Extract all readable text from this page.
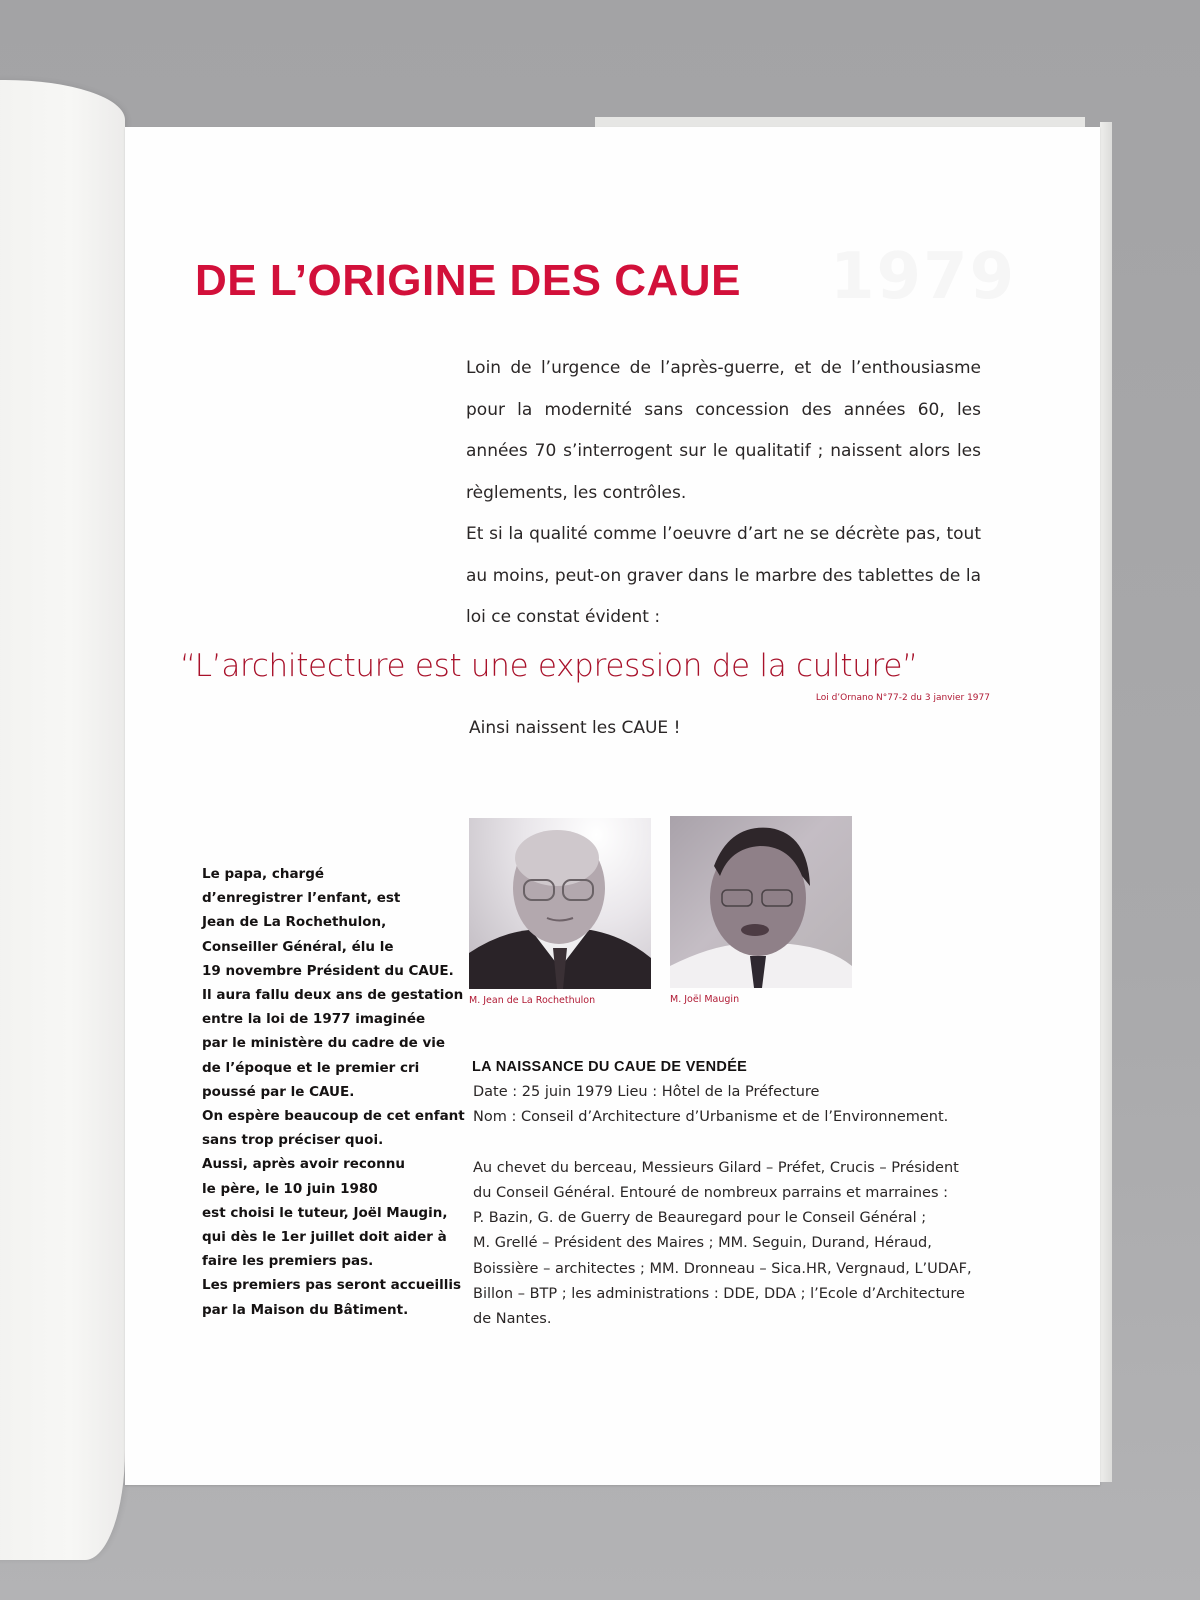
1979
DE L’ORIGINE DES CAUE

Loin de l’urgence de l’après-guerre, et de l’enthousiasme pour la modernité sans concession des années 60, les années 70 s’interrogent sur le qualitatif ; naissent alors les règlements, les contrôles.

Et si la qualité comme l’oeuvre d’art ne se décrète pas, tout au moins, peut-on graver dans le marbre des tablettes de la loi ce constat évident :

“L’architecture est une expression de la culture”
Loi d’Ornano N°77-2 du 3 janvier 1977
Ainsi naissent les CAUE !
Le papa, chargé
d’enregistrer l’enfant, est
Jean de La Rochethulon,
Conseiller Général, élu le
19 novembre Président du CAUE.
Il aura fallu deux ans de gestation
entre la loi de 1977 imaginée
par le ministère du cadre de vie
de l’époque et le premier cri
poussé par le CAUE.
On espère beaucoup de cet enfant
sans trop préciser quoi.
Aussi, après avoir reconnu
le père, le 10 juin 1980
est choisi le tuteur, Joël Maugin,
qui dès le 1er juillet doit aider à
faire les premiers pas.
Les premiers pas seront accueillis
par la Maison du Bâtiment.
M. Jean de La Rochethulon	M. Joël Maugin
LA NAISSANCE DU CAUE DE VENDÉE
Date : 25 juin 1979 Lieu : Hôtel de la Préfecture
Nom : Conseil d’Architecture d’Urbanisme et de l’Environnement.
Au chevet du berceau, Messieurs Gilard – Préfet, Crucis – Président
du Conseil Général. Entouré de nombreux parrains et marraines :
P. Bazin, G. de Guerry de Beauregard pour le Conseil Général ;
M. Grellé – Président des Maires ; MM. Seguin, Durand, Héraud,
Boissière – architectes ; MM. Dronneau – Sica.HR, Vergnaud, L’UDAF,
Billon – BTP ; les administrations : DDE, DDA ; l’Ecole d’Architecture
de Nantes.
